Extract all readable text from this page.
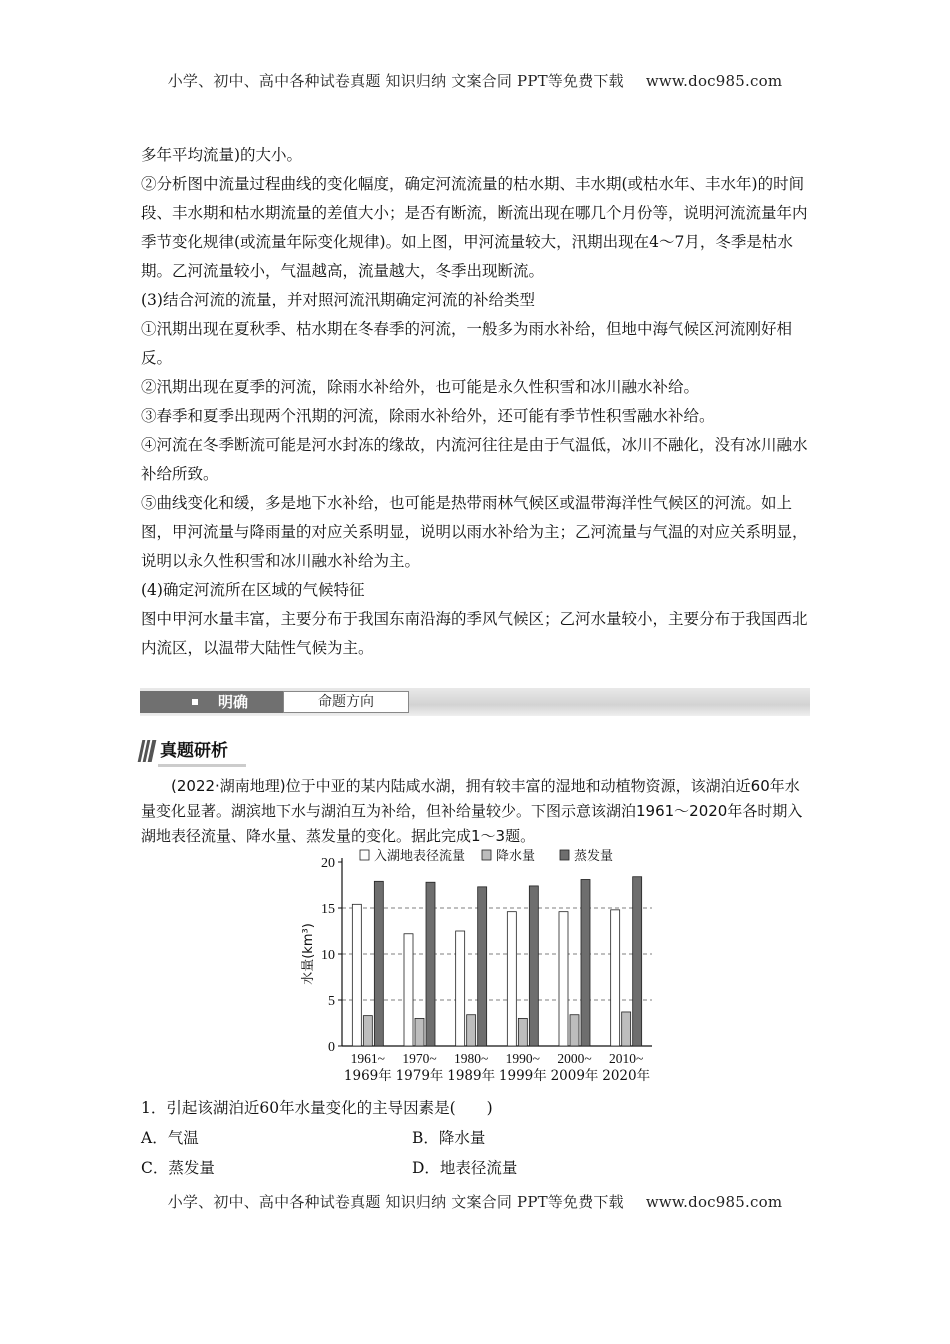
小学、初中、高中各种试卷真题 知识归纳 文案合同 PPT等免费下载 www.doc985.com

多年平均流量)的大小。

②分析图中流量过程曲线的变化幅度，确定河流流量的枯水期、丰水期(或枯水年、丰水年)的时间段、丰水期和枯水期流量的差值大小；是否有断流，断流出现在哪几个月份等，说明河流流量年内季节变化规律(或流量年际变化规律)。如上图，甲河流量较大，汛期出现在4～7月，冬季是枯水期。乙河流量较小，气温越高，流量越大，冬季出现断流。

(3)结合河流的流量，并对照河流汛期确定河流的补给类型

①汛期出现在夏秋季、枯水期在冬春季的河流，一般多为雨水补给，但地中海气候区河流刚好相反。

②汛期出现在夏季的河流，除雨水补给外，也可能是永久性积雪和冰川融水补给。

③春季和夏季出现两个汛期的河流，除雨水补给外，还可能有季节性积雪融水补给。

④河流在冬季断流可能是河水封冻的缘故，内流河往往是由于气温低，冰川不融化，没有冰川融水补给所致。

⑤曲线变化和缓，多是地下水补给，也可能是热带雨林气候区或温带海洋性气候区的河流。如上图，甲河流量与降雨量的对应关系明显，说明以雨水补给为主；乙河流量与气温的对应关系明显，说明以永久性积雪和冰川融水补给为主。

(4)确定河流所在区域的气候特征

图中甲河水量丰富，主要分布于我国东南沿海的季风气候区；乙河水量较小，主要分布于我国西北内流区，以温带大陆性气候为主。

明确	命题方向
真题研析

(2022·湖南地理)位于中亚的某内陆咸水湖，拥有较丰富的湿地和动植物资源，该湖泊近60年水量变化显著。湖滨地下水与湖泊互为补给，但补给量较少。下图示意该湖泊1961～2020年各时期入湖地表径流量、降水量、蒸发量的变化。据此完成1～3题。

0
5
10
15
20
水量(km³)
1961~
1969年
1970~
1979年
1980~
1989年
1990~
1999年
2000~
2009年
2010~
2020年
入湖地表径流量 降水量	蒸发量
1．引起该湖泊近60年水量变化的主导因素是(　　)
A．气温	B．降水量
C．蒸发量	D．地表径流量
小学、初中、高中各种试卷真题 知识归纳 文案合同 PPT等免费下载 www.doc985.com
